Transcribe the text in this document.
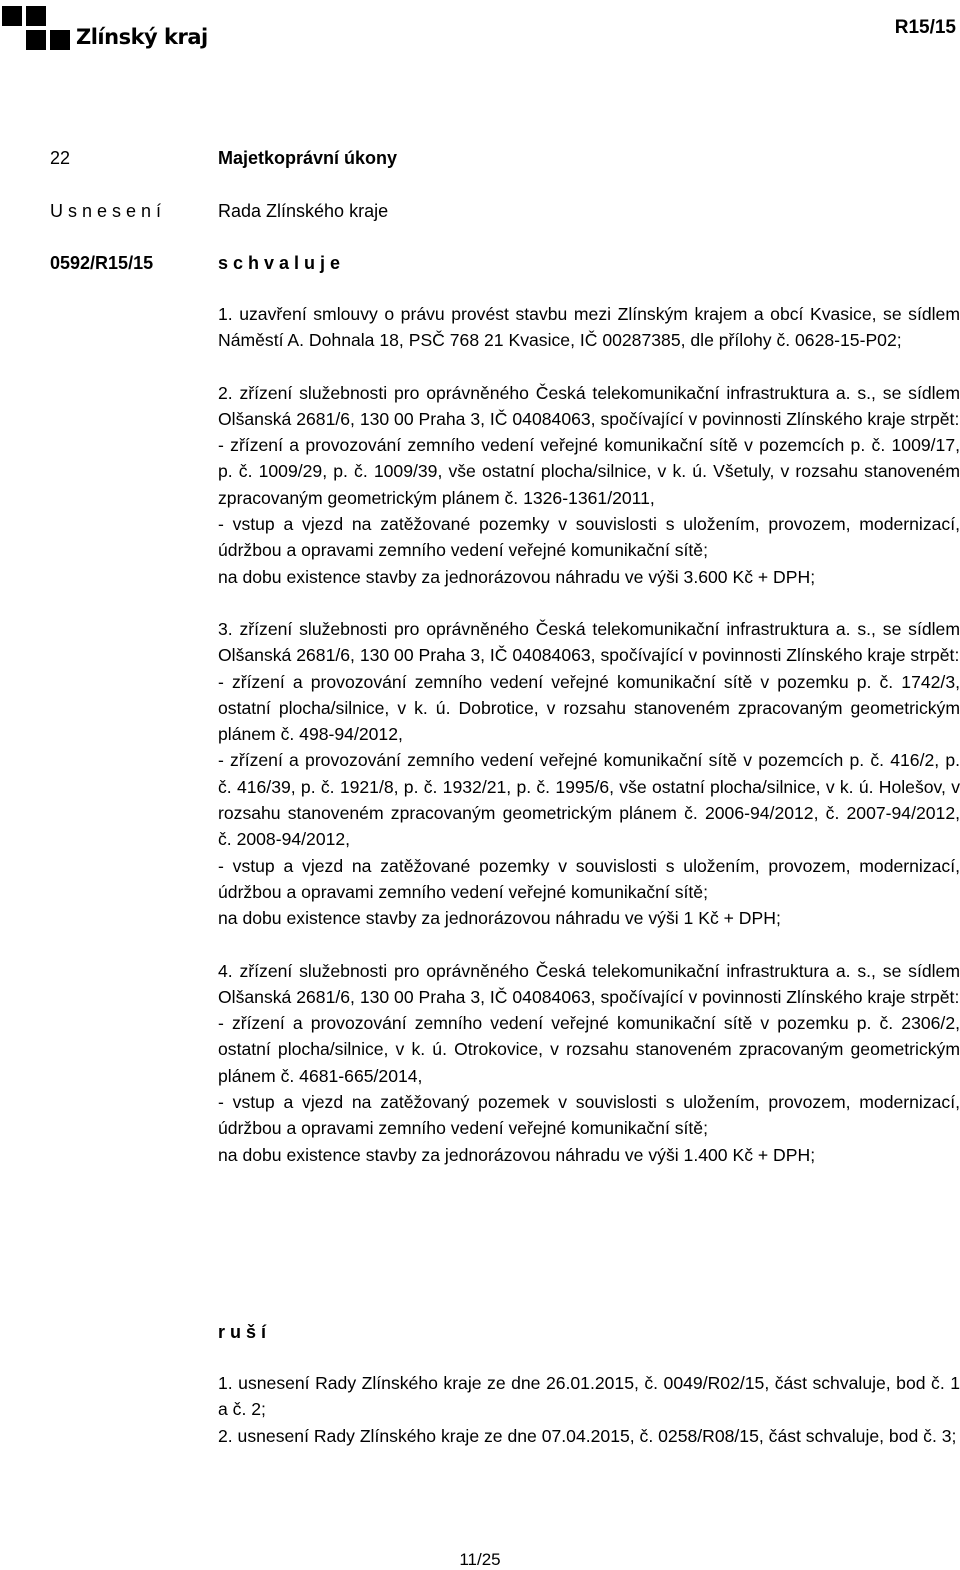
Zlínský kraj	R15/15
22	Majetkoprávní úkony
U s n e s e n í	Rada Zlínského kraje
0592/R15/15	s c h v a l u j e

1. uzavření smlouvy o právu provést stavbu mezi Zlínským krajem a obcí Kvasice, se sídlem Náměstí A. Dohnala 18, PSČ 768 21 Kvasice, IČ 00287385, dle přílohy č. 0628-15-P02;

2. zřízení služebnosti pro oprávněného Česká telekomunikační infrastruktura a. s., se sídlem Olšanská 2681/6, 130 00 Praha 3, IČ 04084063, spočívající v povinnosti Zlínského kraje strpět:

- zřízení a provozování zemního vedení veřejné komunikační sítě v pozemcích p. č. 1009/17, p. č. 1009/29, p. č. 1009/39, vše ostatní plocha/silnice, v k. ú. Všetuly, v rozsahu stanoveném zpracovaným geometrickým plánem č. 1326-1361/2011,

- vstup a vjezd na zatěžované pozemky v souvislosti s uložením, provozem, modernizací, údržbou a opravami zemního vedení veřejné komunikační sítě;

na dobu existence stavby za jednorázovou náhradu ve výši 3.600 Kč + DPH;

3. zřízení služebnosti pro oprávněného Česká telekomunikační infrastruktura a. s., se sídlem Olšanská 2681/6, 130 00 Praha 3, IČ 04084063, spočívající v povinnosti Zlínského kraje strpět:

- zřízení a provozování zemního vedení veřejné komunikační sítě v pozemku p. č. 1742/3, ostatní plocha/silnice, v k. ú. Dobrotice, v rozsahu stanoveném zpracovaným geometrickým plánem č. 498-94/2012,

- zřízení a provozování zemního vedení veřejné komunikační sítě v pozemcích p. č. 416/2, p. č. 416/39, p. č. 1921/8, p. č. 1932/21, p. č. 1995/6, vše ostatní plocha/silnice, v k. ú. Holešov, v rozsahu stanoveném zpracovaným geometrickým plánem č. 2006-94/2012, č. 2007-94/2012, č. 2008-94/2012,

- vstup a vjezd na zatěžované pozemky v souvislosti s uložením, provozem, modernizací, údržbou a opravami zemního vedení veřejné komunikační sítě;

na dobu existence stavby za jednorázovou náhradu ve výši 1 Kč + DPH;

4. zřízení služebnosti pro oprávněného Česká telekomunikační infrastruktura a. s., se sídlem Olšanská 2681/6, 130 00 Praha 3, IČ 04084063, spočívající v povinnosti Zlínského kraje strpět:

- zřízení a provozování zemního vedení veřejné komunikační sítě v pozemku p. č. 2306/2, ostatní plocha/silnice, v k. ú. Otrokovice, v rozsahu stanoveném zpracovaným geometrickým plánem č. 4681-665/2014,

- vstup a vjezd na zatěžovaný pozemek v souvislosti s uložením, provozem, modernizací, údržbou a opravami zemního vedení veřejné komunikační sítě;

na dobu existence stavby za jednorázovou náhradu ve výši 1.400 Kč + DPH;

r u š í

1. usnesení Rady Zlínského kraje ze dne 26.01.2015, č. 0049/R02/15, část schvaluje, bod č. 1 a č. 2;

2. usnesení Rady Zlínského kraje ze dne 07.04.2015, č. 0258/R08/15, část schvaluje, bod č. 3;

11/25
